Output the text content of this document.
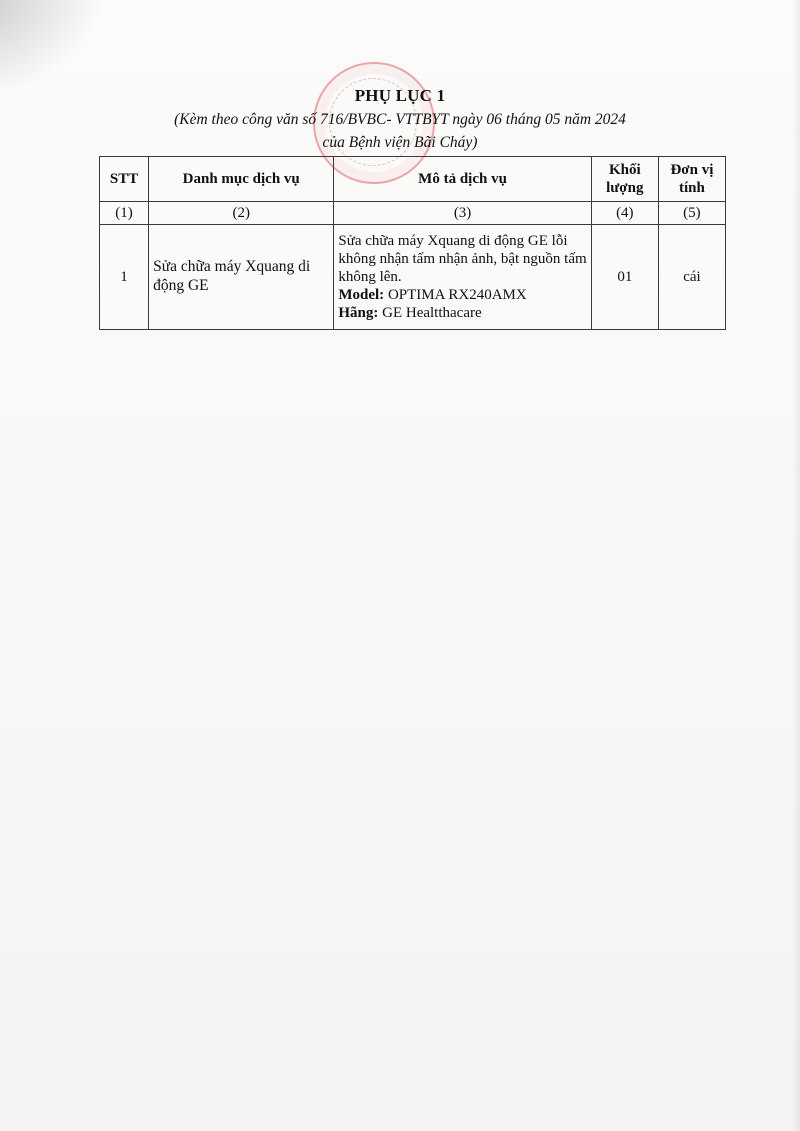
PHỤ LỤC 1
(Kèm theo công văn số 716/BVBC- VTTBYT ngày 06 tháng 05 năm 2024
của Bệnh viện Bãi Cháy)
STT	Danh mục dịch vụ	Mô tả dịch vụ	Khối lượng	Đơn vị tính
(1)	(2)	(3)	(4)	(5)
1	Sửa chữa máy Xquang di động GE	Sửa chữa máy Xquang di động GE lỗi không nhận tấm nhận ảnh, bật nguồn tấm không lên.
Model: OPTIMA RX240AMX
Hãng: GE Healtthacare	01	cái
